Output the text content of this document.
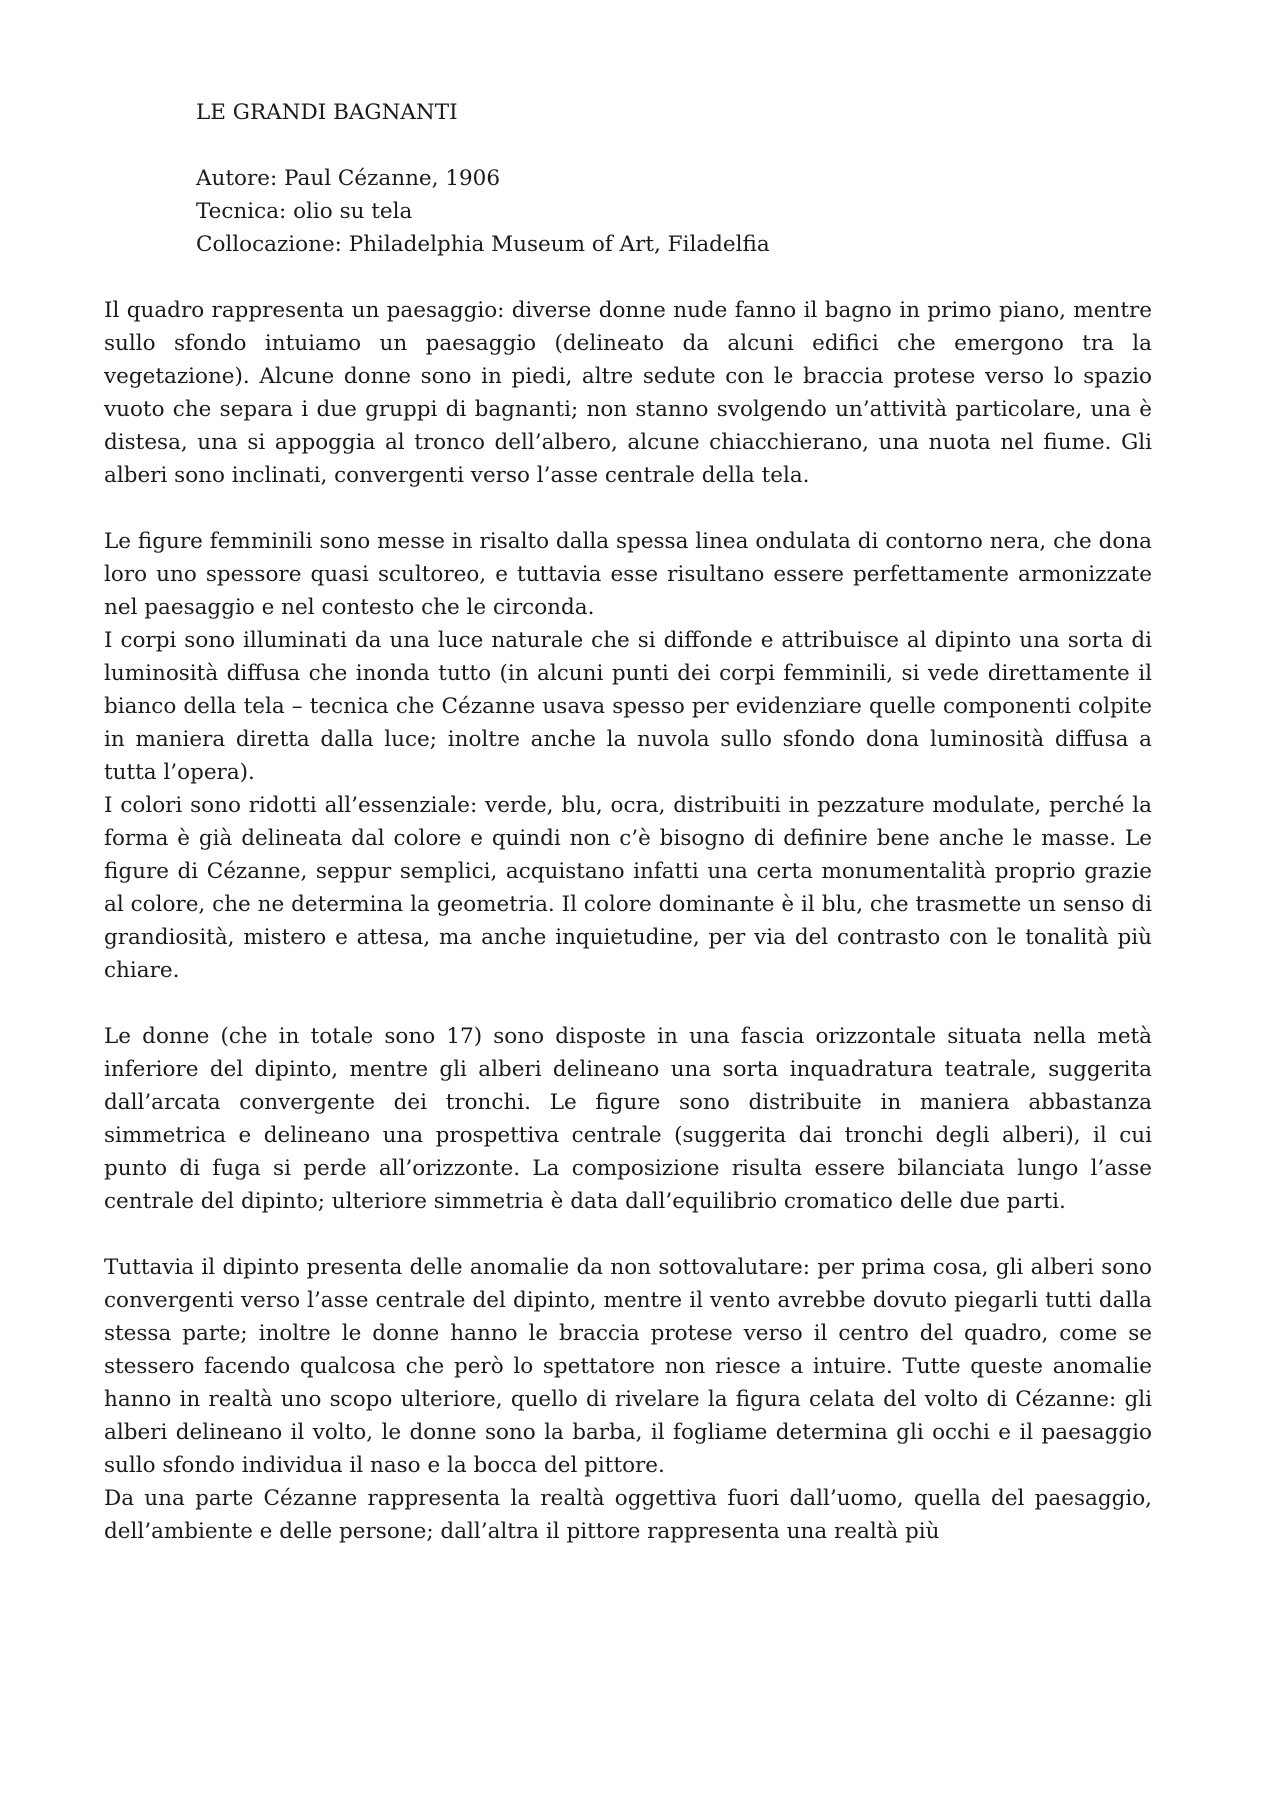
LE GRANDI BAGNANTI

Autore: Paul Cézanne, 1906

Tecnica: olio su tela

Collocazione: Philadelphia Museum of Art, Filadelfia

Il quadro rappresenta un paesaggio: diverse donne nude fanno il bagno in primo piano, mentre sullo sfondo intuiamo un paesaggio (delineato da alcuni edifici che emergono tra la vegetazione). Alcune donne sono in piedi, altre sedute con le braccia protese verso lo spazio vuoto che separa i due gruppi di bagnanti; non stanno svolgendo un’attività particolare, una è distesa, una si appoggia al tronco dell’albero, alcune chiacchierano, una nuota nel fiume. Gli alberi sono inclinati, convergenti verso l’asse centrale della tela.

Le figure femminili sono messe in risalto dalla spessa linea ondulata di contorno nera, che dona loro uno spessore quasi scultoreo, e tuttavia esse risultano essere perfettamente armonizzate nel paesaggio e nel contesto che le circonda.

I corpi sono illuminati da una luce naturale che si diffonde e attribuisce al dipinto una sorta di luminosità diffusa che inonda tutto (in alcuni punti dei corpi femminili, si vede direttamente il bianco della tela – tecnica che Cézanne usava spesso per evidenziare quelle componenti colpite in maniera diretta dalla luce; inoltre anche la nuvola sullo sfondo dona luminosità diffusa a tutta l’opera).

I colori sono ridotti all’essenziale: verde, blu, ocra, distribuiti in pezzature modulate, perché la forma è già delineata dal colore e quindi non c’è bisogno di definire bene anche le masse. Le figure di Cézanne, seppur semplici, acquistano infatti una certa monumentalità proprio grazie al colore, che ne determina la geometria. Il colore dominante è il blu, che trasmette un senso di grandiosità, mistero e attesa, ma anche inquietudine, per via del contrasto con le tonalità più chiare.

Le donne (che in totale sono 17) sono disposte in una fascia orizzontale situata nella metà inferiore del dipinto, mentre gli alberi delineano una sorta inquadratura teatrale, suggerita dall’arcata convergente dei tronchi. Le figure sono distribuite in maniera abbastanza simmetrica e delineano una prospettiva centrale (suggerita dai tronchi degli alberi), il cui punto di fuga si perde all’orizzonte. La composizione risulta essere bilanciata lungo l’asse centrale del dipinto; ulteriore simmetria è data dall’equilibrio cromatico delle due parti.

Tuttavia il dipinto presenta delle anomalie da non sottovalutare: per prima cosa, gli alberi sono convergenti verso l’asse centrale del dipinto, mentre il vento avrebbe dovuto piegarli tutti dalla stessa parte; inoltre le donne hanno le braccia protese verso il centro del quadro, come se stessero facendo qualcosa che però lo spettatore non riesce a intuire. Tutte queste anomalie hanno in realtà uno scopo ulteriore, quello di rivelare la figura celata del volto di Cézanne: gli alberi delineano il volto, le donne sono la barba, il fogliame determina gli occhi e il paesaggio sullo sfondo individua il naso e la bocca del pittore.

Da una parte Cézanne rappresenta la realtà oggettiva fuori dall’uomo, quella del paesaggio, dell’ambiente e delle persone; dall’altra il pittore rappresenta una realtà più
